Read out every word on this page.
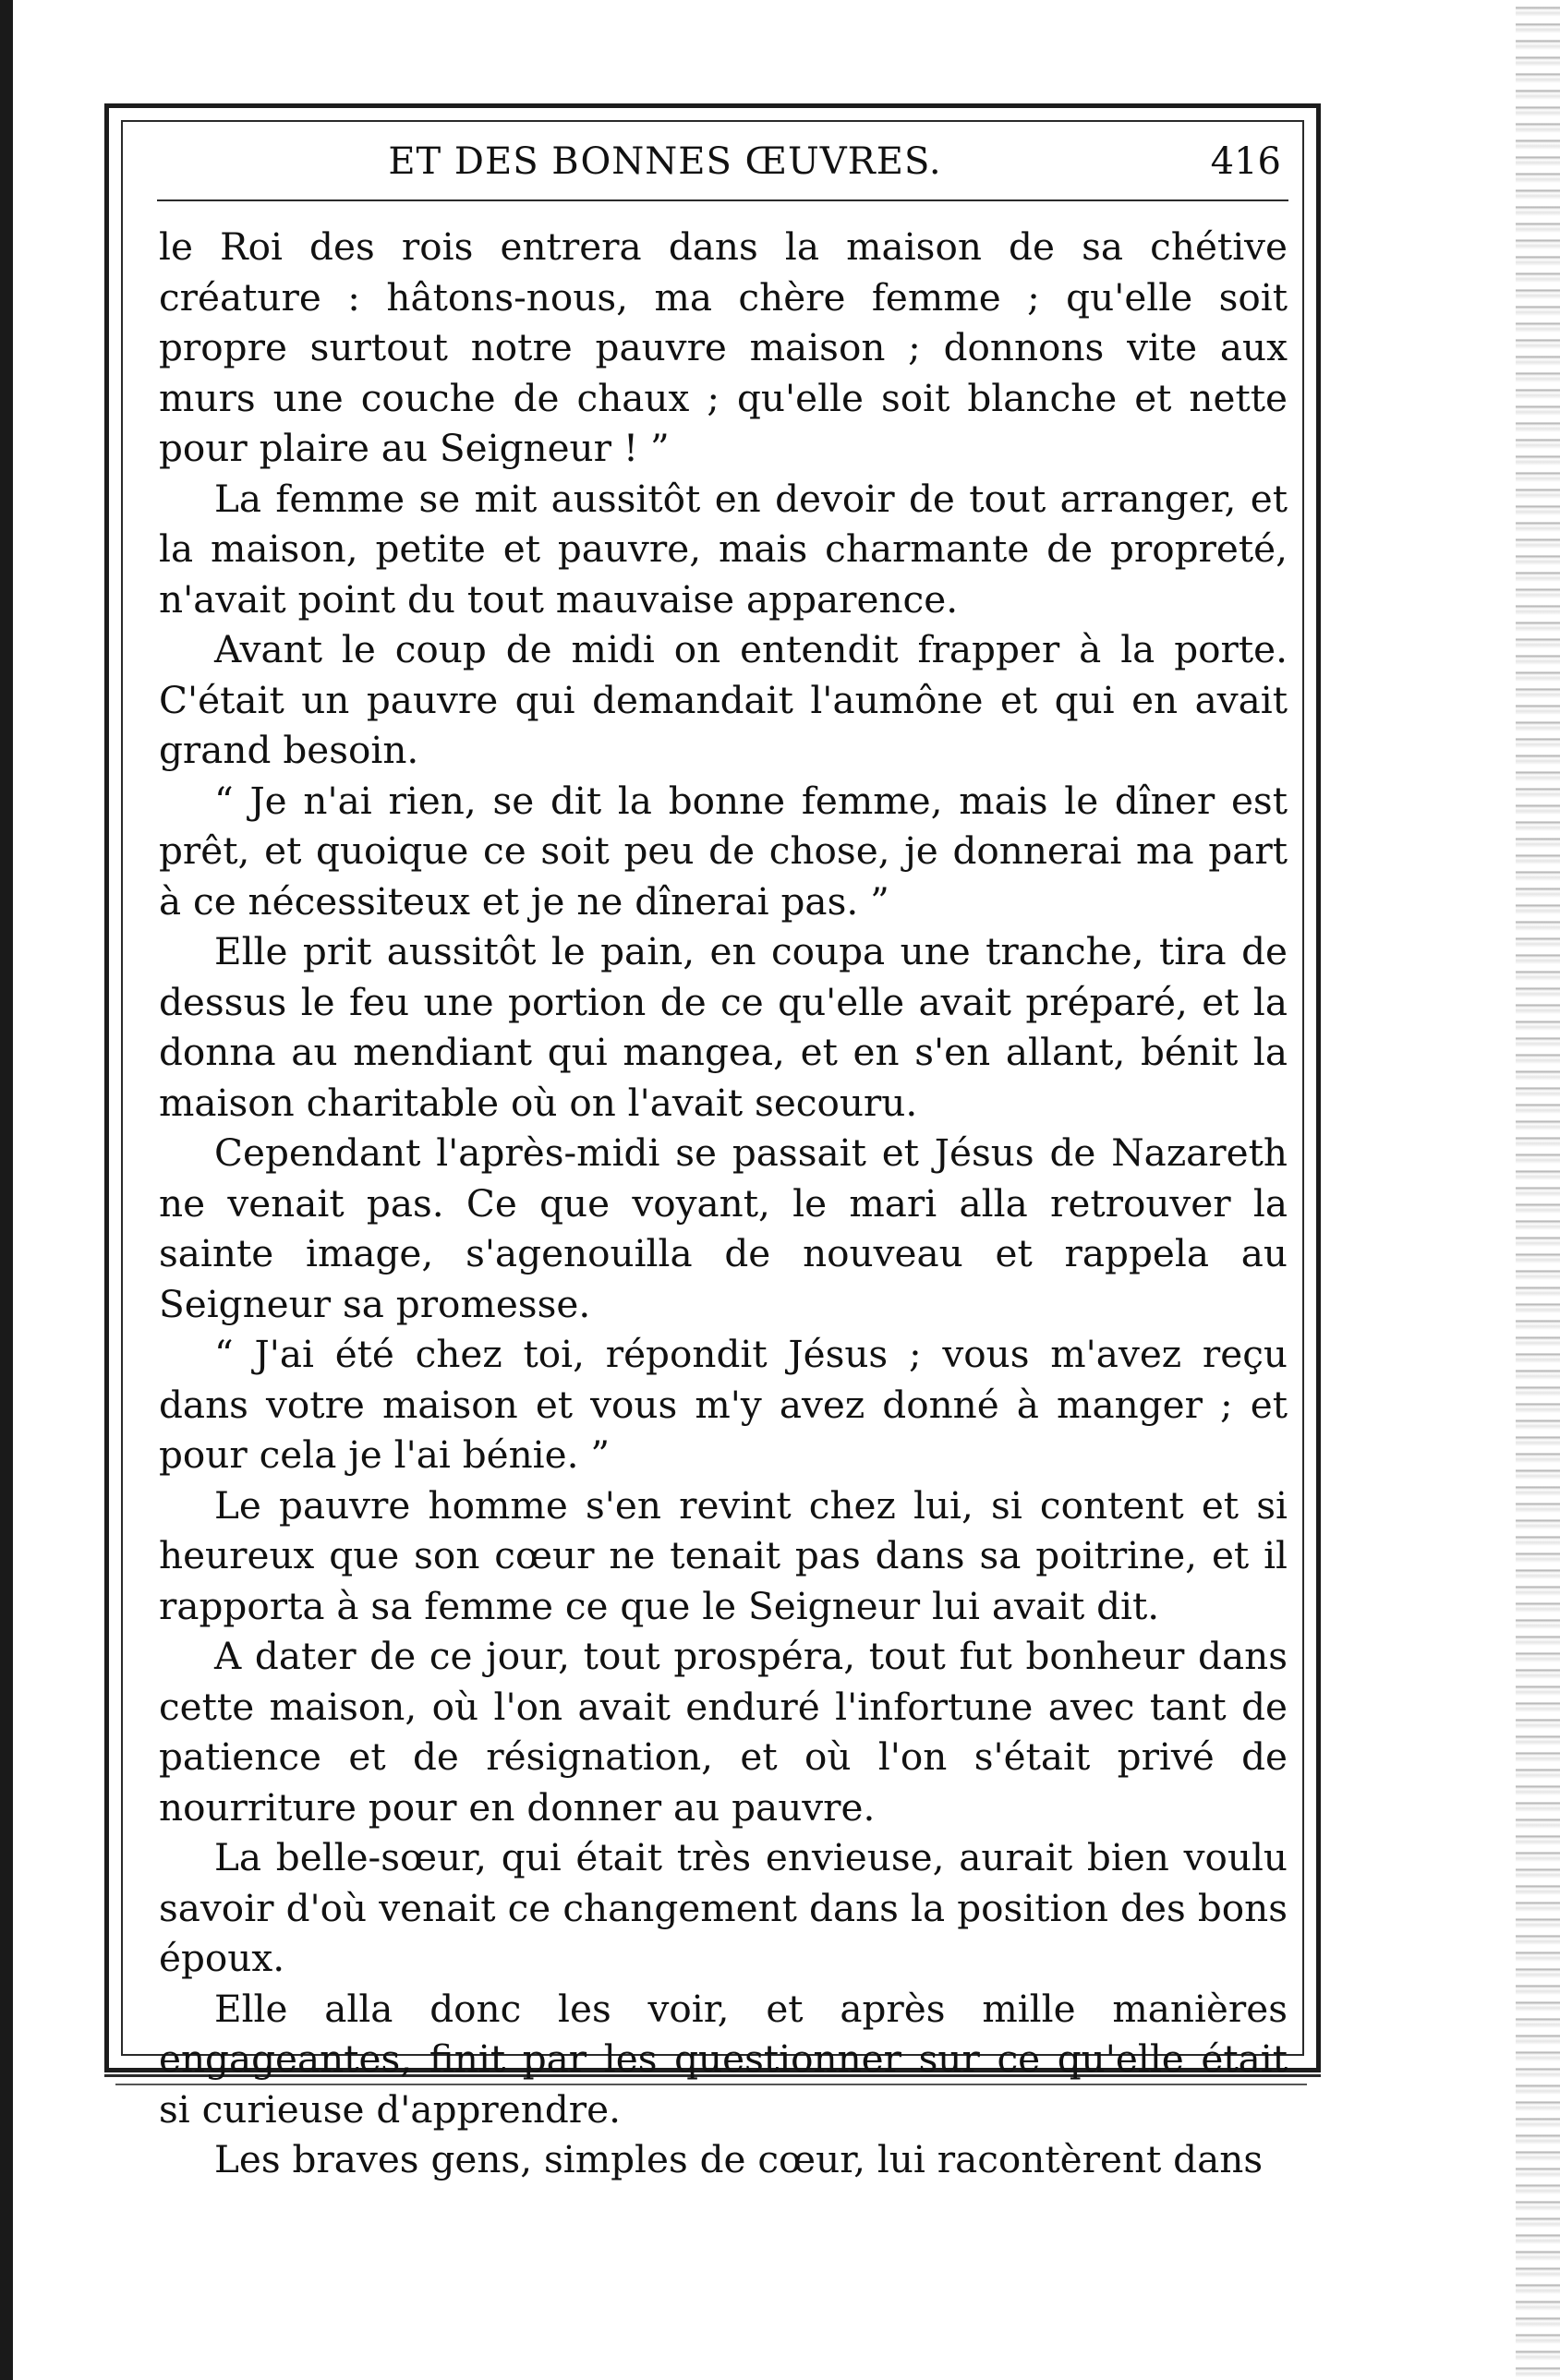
ET DES BONNES ŒUVRES.	416

le Roi des rois entrera dans la maison de sa chétive créature : hâtons-nous, ma chère femme ; qu'elle soit propre surtout notre pauvre maison ; donnons vite aux murs une couche de chaux ; qu'elle soit blanche et nette pour plaire au Seigneur ! ”

La femme se mit aussitôt en devoir de tout arranger, et la maison, petite et pauvre, mais charmante de propreté, n'avait point du tout mauvaise apparence.

Avant le coup de midi on entendit frapper à la porte. C'était un pauvre qui demandait l'aumône et qui en avait grand besoin.

“ Je n'ai rien, se dit la bonne femme, mais le dîner est prêt, et quoique ce soit peu de chose, je donnerai ma part à ce nécessiteux et je ne dînerai pas. ”

Elle prit aussitôt le pain, en coupa une tranche, tira de dessus le feu une portion de ce qu'elle avait préparé, et la donna au mendiant qui mangea, et en s'en allant, bénit la maison charitable où on l'avait secouru.

Cependant l'après-midi se passait et Jésus de Nazareth ne venait pas. Ce que voyant, le mari alla retrouver la sainte image, s'agenouilla de nouveau et rappela au Seigneur sa promesse.

“ J'ai été chez toi, répondit Jésus ; vous m'avez reçu dans votre maison et vous m'y avez donné à manger ; et pour cela je l'ai bénie. ”

Le pauvre homme s'en revint chez lui, si content et si heureux que son cœur ne tenait pas dans sa poitrine, et il rapporta à sa femme ce que le Seigneur lui avait dit.

A dater de ce jour, tout prospéra, tout fut bonheur dans cette maison, où l'on avait enduré l'infortune avec tant de patience et de résignation, et où l'on s'était privé de nourriture pour en donner au pauvre.

La belle-sœur, qui était très envieuse, aurait bien voulu savoir d'où venait ce changement dans la position des bons époux.

Elle alla donc les voir, et après mille manières engageantes, finit par les questionner sur ce qu'elle était si curieuse d'apprendre.

Les braves gens, simples de cœur, lui racontèrent dans
